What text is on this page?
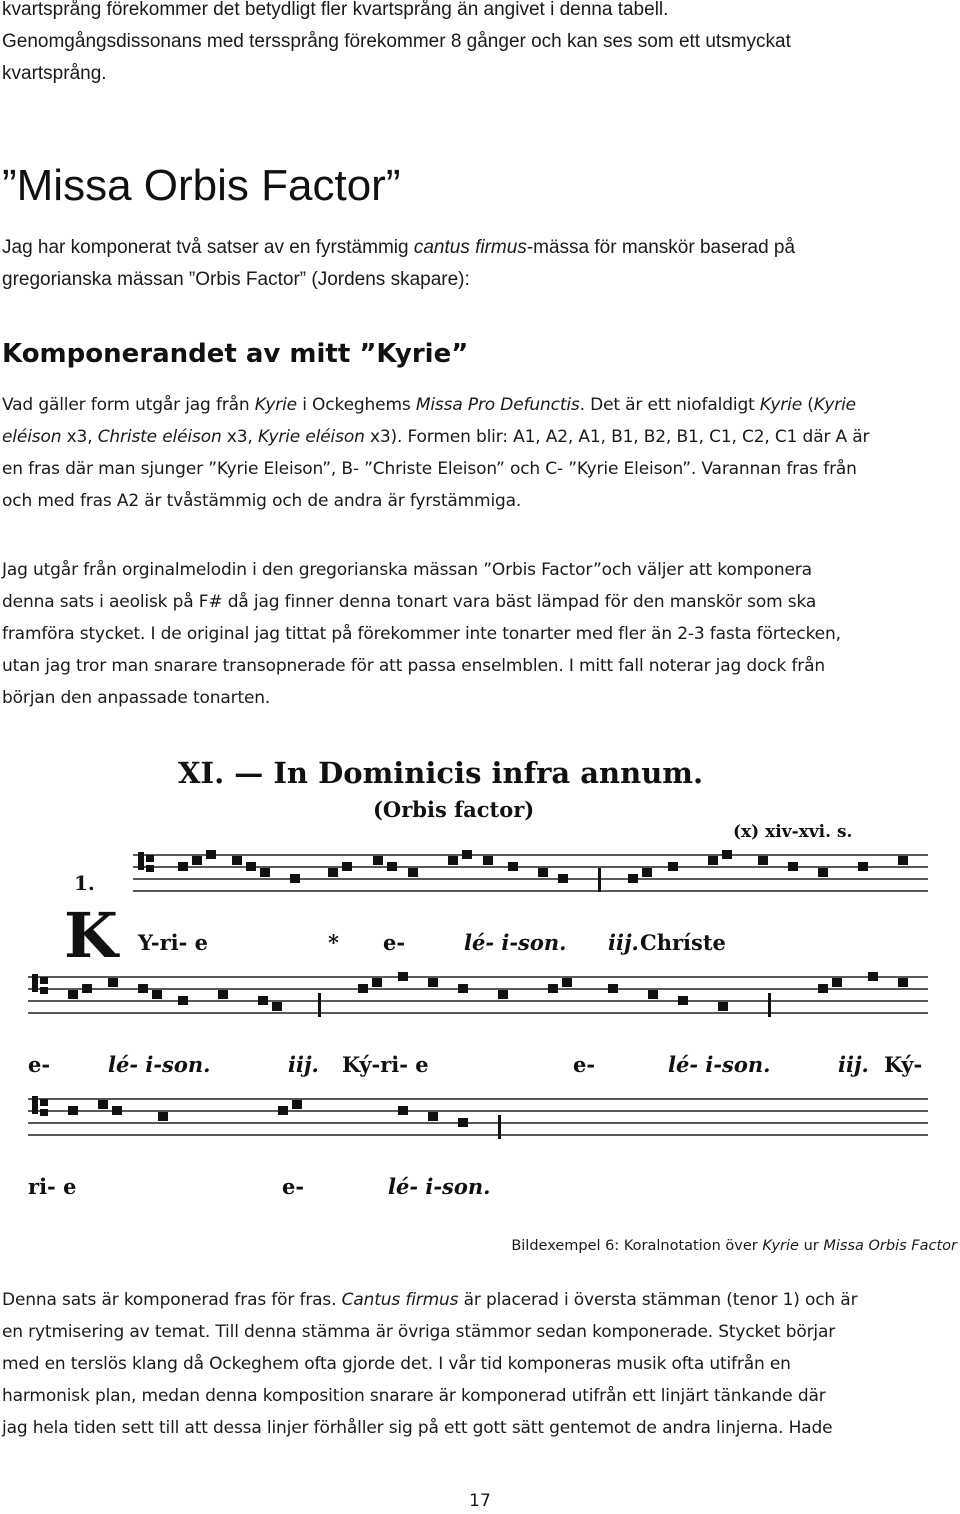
kvartsprång förekommer det betydligt fler kvartsprång än angivet i denna tabell.
Genomgångsdissonans med terssprång förekommer 8 gånger och kan ses som ett utsmyckat
kvartsprång.

”Missa Orbis Factor”

Jag har komponerat två satser av en fyrstämmig cantus firmus-mässa för manskör baserad på
gregorianska mässan ”Orbis Factor” (Jordens skapare):

Komponerandet av mitt ”Kyrie”

Vad gäller form utgår jag från Kyrie i Ockeghems Missa Pro Defunctis. Det är ett niofaldigt Kyrie (Kyrie
eléison x3, Christe eléison x3, Kyrie eléison x3). Formen blir: A1, A2, A1, B1, B2, B1, C1, C2, C1 där A är
en fras där man sjunger ”Kyrie Eleison”, B- ”Christe Eleison” och C- ”Kyrie Eleison”. Varannan fras från
och med fras A2 är tvåstämmig och de andra är fyrstämmiga.

Jag utgår från orginalmelodin i den gregorianska mässan ”Orbis Factor”och väljer att komponera
denna sats i aeolisk på F# då jag finner denna tonart vara bäst lämpad för den manskör som ska
framföra stycket. I de original jag tittat på förekommer inte tonarter med fler än 2-3 fasta förtecken,
utan jag tror man snarare transopnerade för att passa enselmblen. I mitt fall noterar jag dock från
början den anpassade tonarten.

XI. — In Dominicis infra annum.
(Orbis factor)
(x) xiv-xvi. s.
1.
K Y-ri- e	* e-	lé- i-son. iij. Chríste
e-	lé- i-son.	iij. Ký-ri- e	e-	lé- i-son.	iij. Ký-
ri- e	e-	lé- i-son.
Bildexempel 6: Koralnotation över Kyrie ur Missa Orbis Factor

Denna sats är komponerad fras för fras. Cantus firmus är placerad i översta stämman (tenor 1) och är
en rytmisering av temat. Till denna stämma är övriga stämmor sedan komponerade. Stycket börjar
med en terslös klang då Ockeghem ofta gjorde det. I vår tid komponeras musik ofta utifrån en
harmonisk plan, medan denna komposition snarare är komponerad utifrån ett linjärt tänkande där
jag hela tiden sett till att dessa linjer förhåller sig på ett gott sätt gentemot de andra linjerna. Hade

17
